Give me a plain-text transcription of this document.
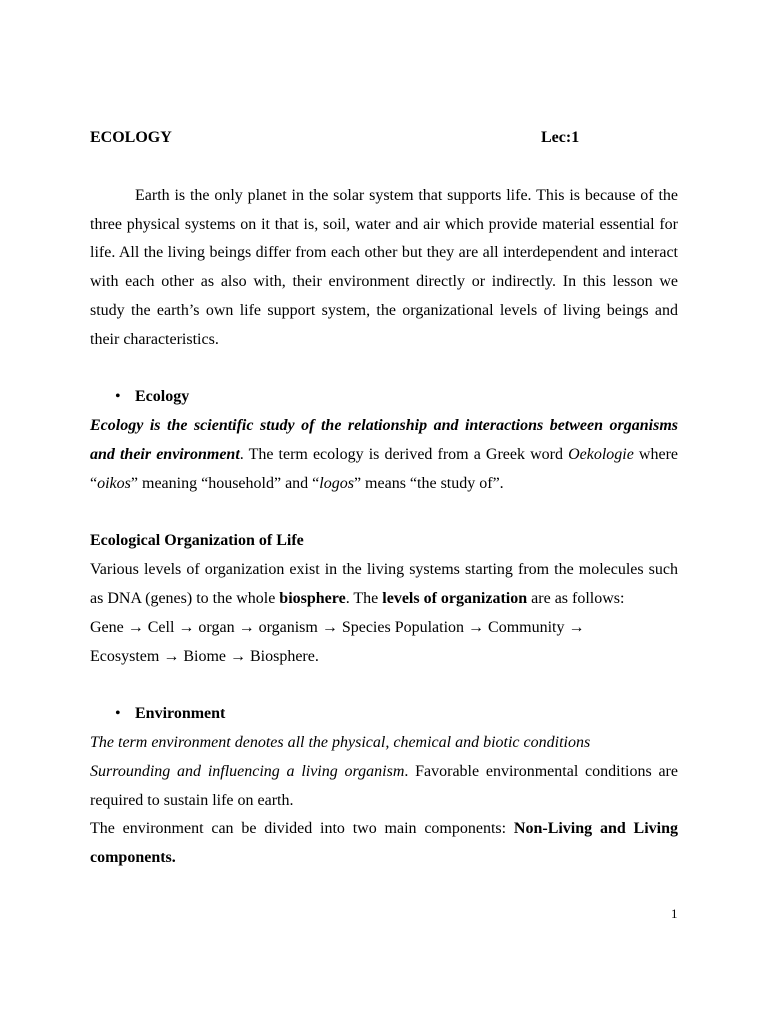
ECOLOGY	Lec:1

Earth is the only planet in the solar system that supports life. This is because of the three physical systems on it that is, soil, water and air which provide material essential for life. All the living beings differ from each other but they are all interdependent and interact with each other as also with, their environment directly or indirectly. In this lesson we study the earth’s own life support system, the organizational levels of living beings and their characteristics.

• Ecology

Ecology is the scientific study of the relationship and interactions between organisms and their environment. The term ecology is derived from a Greek word Oekologie where “oikos” meaning “household” and “logos” means “the study of”.

Ecological Organization of Life

Various levels of organization exist in the living systems starting from the molecules such as DNA (genes) to the whole biosphere. The levels of organization are as follows:

Gene → Cell → organ → organism → Species Population → Community →
Ecosystem → Biome → Biosphere.
• Environment
The term environment denotes all the physical, chemical and biotic conditions

Surrounding and influencing a living organism. Favorable environmental conditions are required to sustain life on earth.

The environment can be divided into two main components: Non-Living and Living components.

1
